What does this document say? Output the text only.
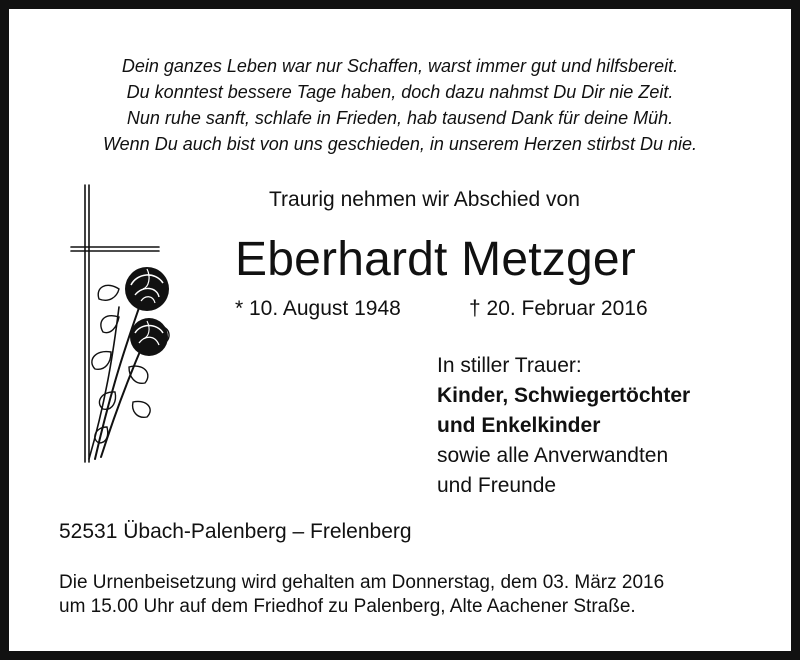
Dein ganzes Leben war nur Schaffen, warst immer gut und hilfsbereit.
Du konntest bessere Tage haben, doch dazu nahmst Du Dir nie Zeit.
Nun ruhe sanft, schlafe in Frieden, hab tausend Dank für deine Müh.
Wenn Du auch bist von uns geschieden, in unserem Herzen stirbst Du nie.
Traurig nehmen wir Abschied von
Eberhardt Metzger
* 10. August 1948	† 20. Februar 2016
In stiller Trauer:
Kinder, Schwiegertöchter
und Enkelkinder
sowie alle Anverwandten
und Freunde
52531 Übach-Palenberg – Frelenberg
Die Urnenbeisetzung wird gehalten am Donnerstag, dem 03. März 2016
um 15.00 Uhr auf dem Friedhof zu Palenberg, Alte Aachener Straße.
